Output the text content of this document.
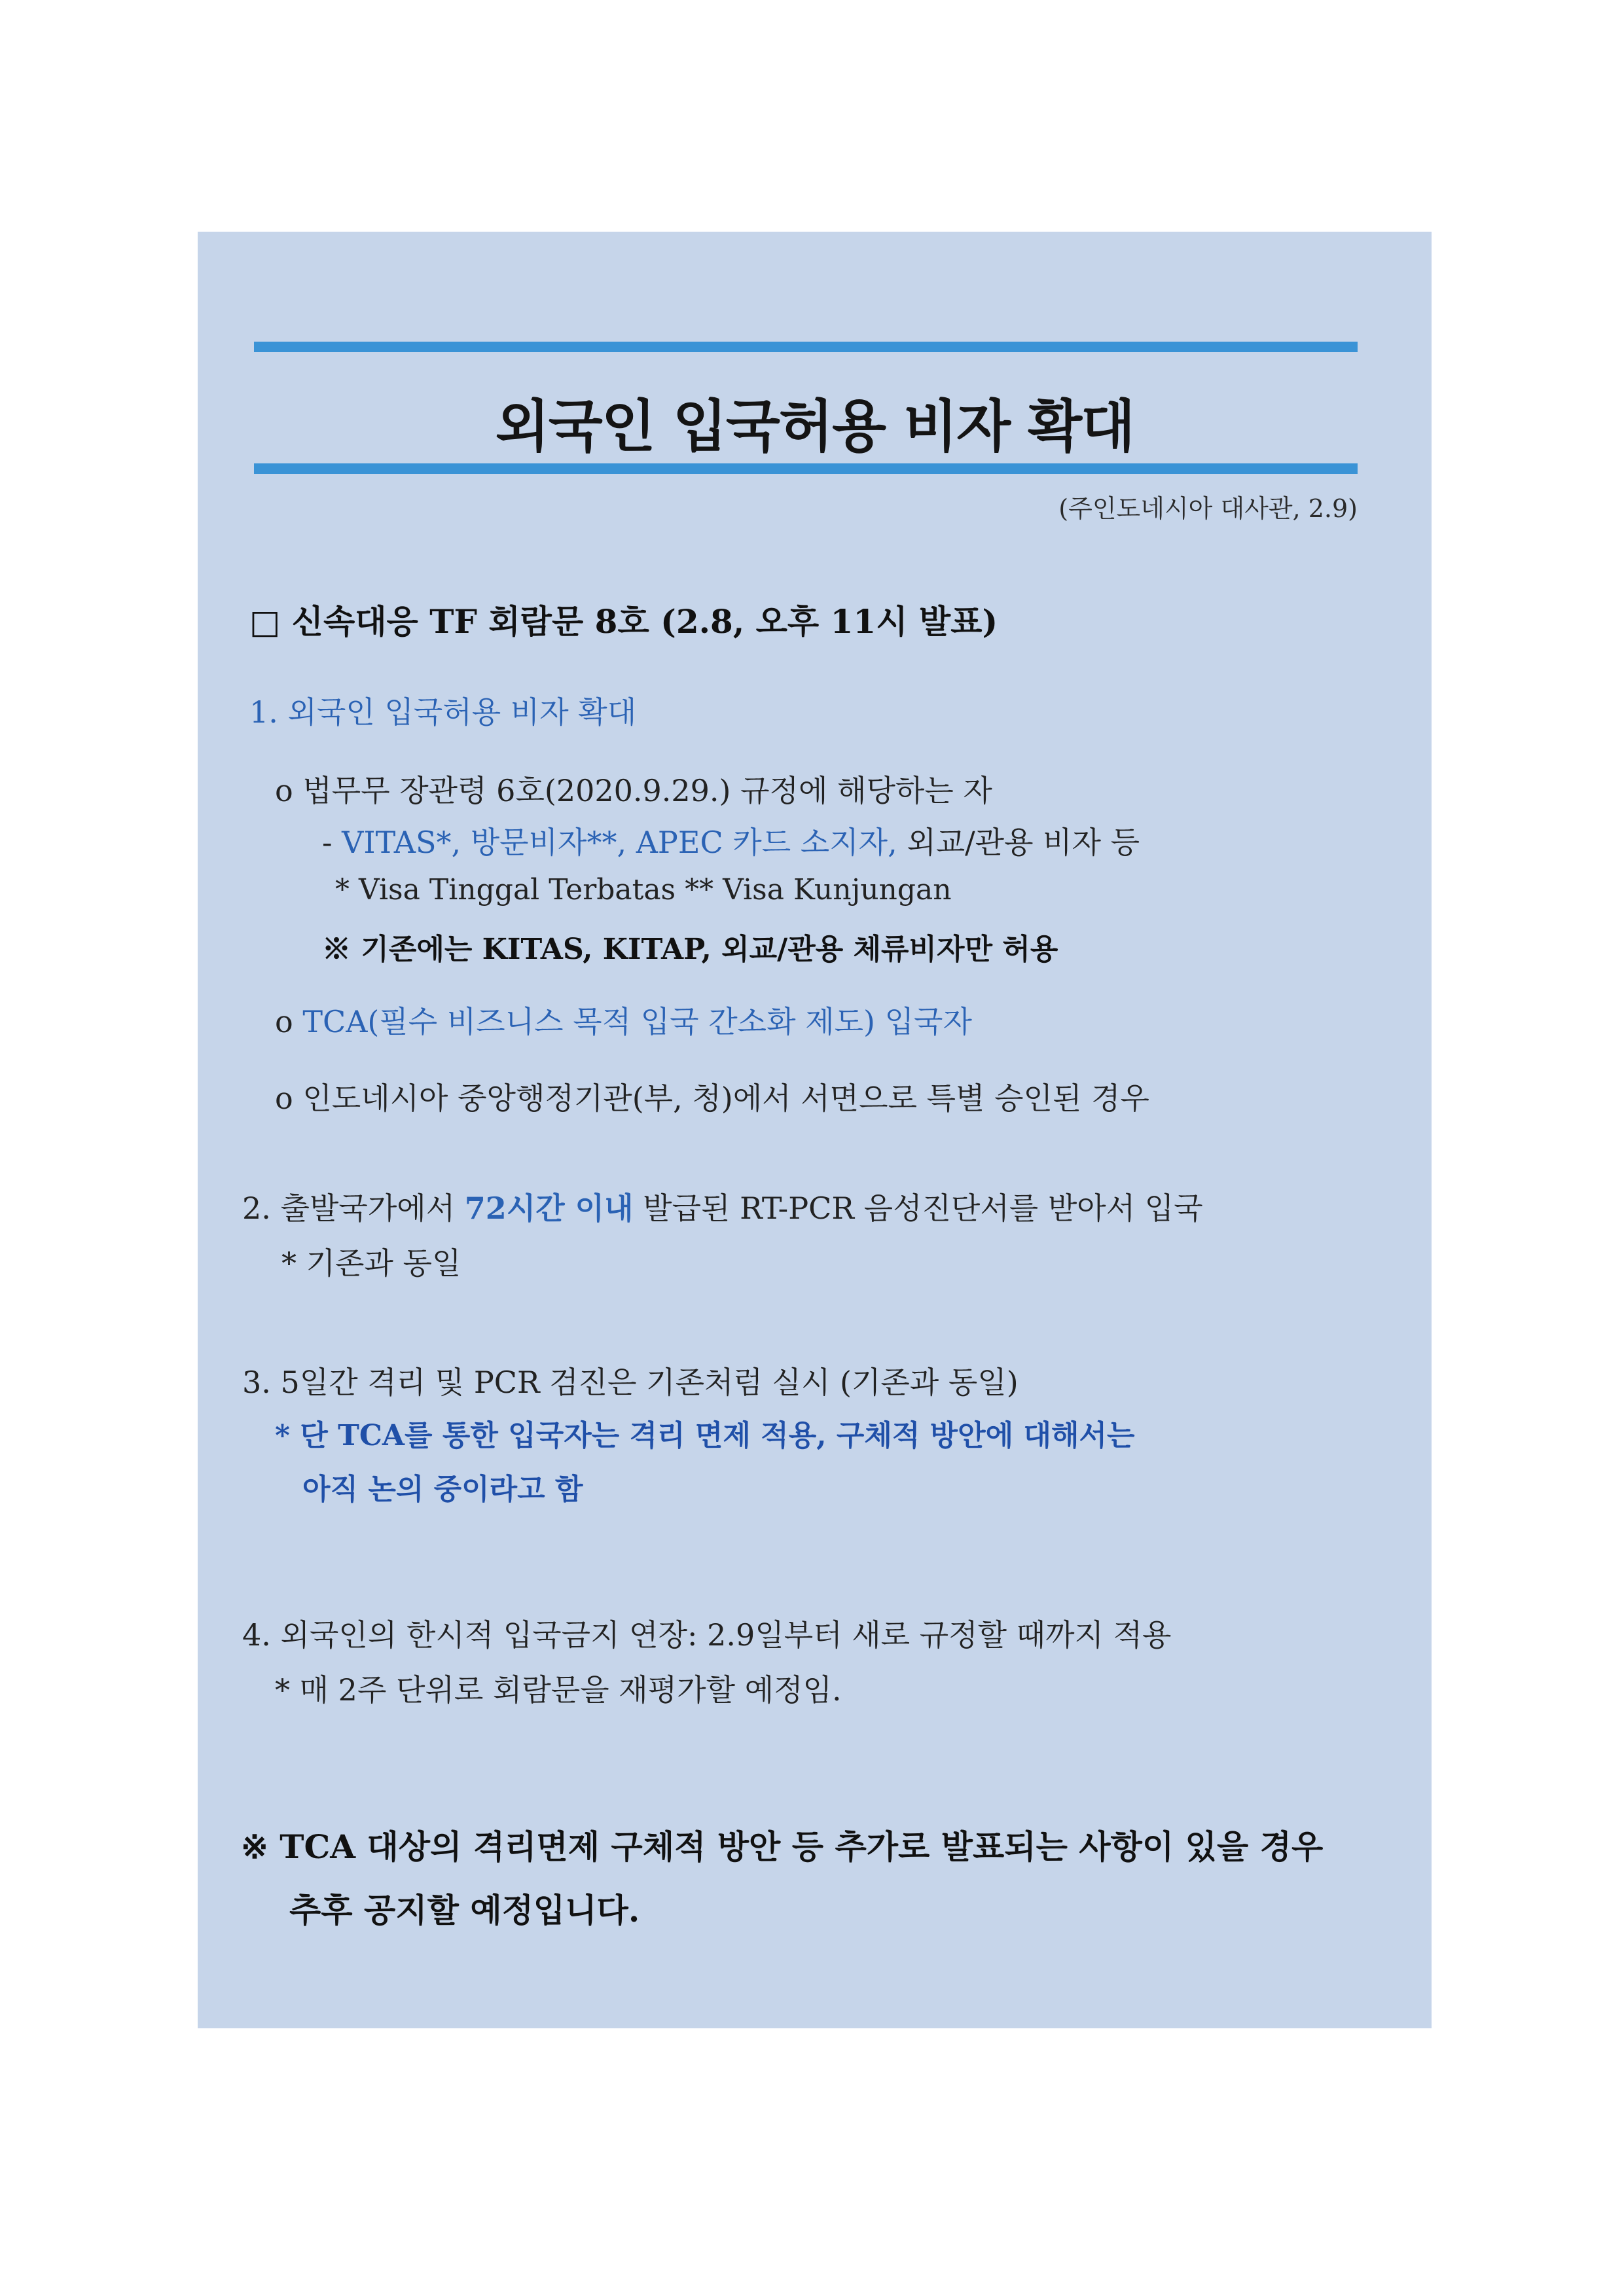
외국인 입국허용 비자 확대
(주인도네시아 대사관, 2.9)
□ 신속대응 TF 회람문 8호 (2.8, 오후 11시 발표)
1. 외국인 입국허용 비자 확대
o 법무무 장관령 6호(2020.9.29.) 규정에 해당하는 자
- VITAS*, 방문비자**, APEC 카드 소지자, 외교/관용 비자 등
* Visa Tinggal Terbatas ** Visa Kunjungan
※ 기존에는 KITAS, KITAP, 외교/관용 체류비자만 허용
o TCA(필수 비즈니스 목적 입국 간소화 제도) 입국자
o 인도네시아 중앙행정기관(부, 청)에서 서면으로 특별 승인된 경우
2. 출발국가에서 72시간 이내 발급된 RT-PCR 음성진단서를 받아서 입국
* 기존과 동일
3. 5일간 격리 및 PCR 검진은 기존처럼 실시 (기존과 동일)
* 단 TCA를 통한 입국자는 격리 면제 적용, 구체적 방안에 대해서는
아직 논의 중이라고 함
4. 외국인의 한시적 입국금지 연장: 2.9일부터 새로 규정할 때까지 적용
* 매 2주 단위로 회람문을 재평가할 예정임.
※ TCA 대상의 격리면제 구체적 방안 등 추가로 발표되는 사항이 있을 경우
추후 공지할 예정입니다.
